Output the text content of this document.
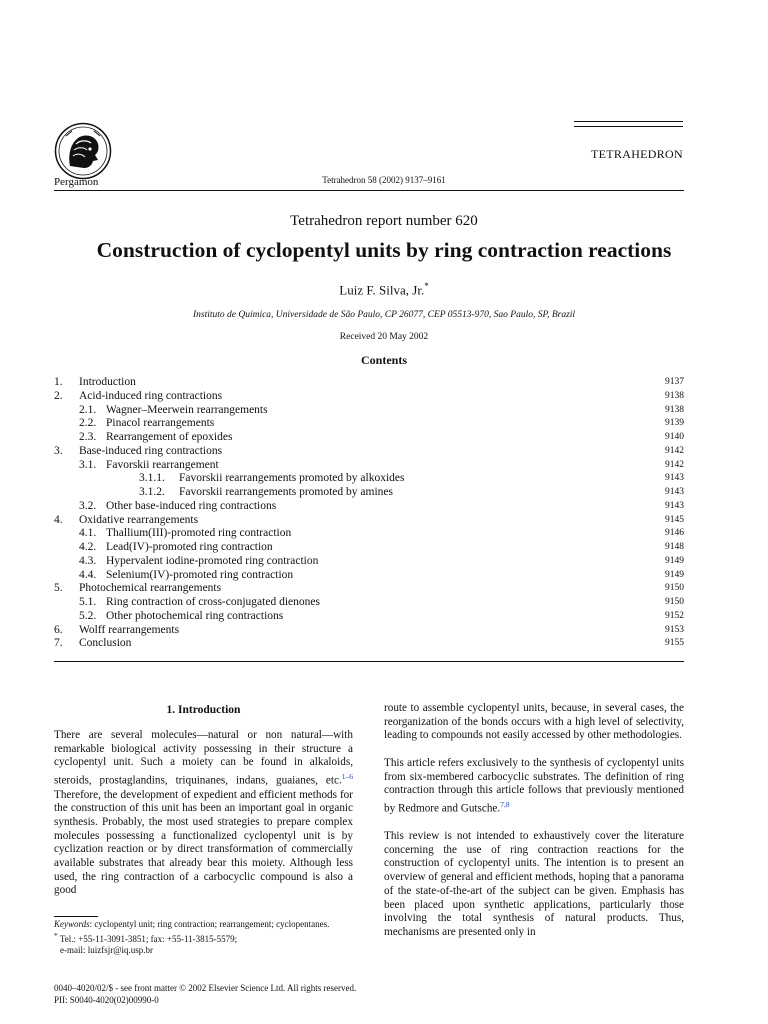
Pergamon
TETRAHEDRON
Tetrahedron 58 (2002) 9137–9161
Tetrahedron report number 620
Construction of cyclopentyl units by ring contraction reactions
Luiz F. Silva, Jr.*
Instituto de Química, Universidade de São Paulo, CP 26077, CEP 05513-970, Sao Paulo, SP, Brazil
Received 20 May 2002
Contents
1. Introduction	9137
2. Acid-induced ring contractions	9138
2.1. Wagner–Meerwein rearrangements	9138
2.2. Pinacol rearrangements	9139
2.3. Rearrangement of epoxides	9140
3. Base-induced ring contractions	9142
3.1. Favorskii rearrangement	9142
3.1.1. Favorskii rearrangements promoted by alkoxides	9143
3.1.2. Favorskii rearrangements promoted by amines	9143
3.2. Other base-induced ring contractions	9143
4. Oxidative rearrangements	9145
4.1. Thallium(III)-promoted ring contraction	9146
4.2. Lead(IV)-promoted ring contraction	9148
4.3. Hypervalent iodine-promoted ring contraction	9149
4.4. Selenium(IV)-promoted ring contraction	9149
5. Photochemical rearrangements	9150
5.1. Ring contraction of cross-conjugated dienones	9150
5.2. Other photochemical ring contractions	9152
6. Wolff rearrangements	9153
7. Conclusion	9155
1. Introduction

There are several molecules—natural or non natural—with remarkable biological activity possessing in their structure a cyclopentyl unit. Such a moiety can be found in alkaloids, steroids, prostaglandins, triquinanes, indans, guaianes, etc.$^{1-6}$ Therefore, the development of expedient and efficient methods for the construction of this unit has been an important goal in organic synthesis. Probably, the most used strategies to prepare complex molecules possessing a functionalized cyclopentyl unit is by cyclization reaction or by direct transformation of commercially available substrates that already bear this moiety. Although less used, the ring contraction of a carbocyclic compound is also a good

route to assemble cyclopentyl units, because, in several cases, the reorganization of the bonds occurs with a high level of selectivity, leading to compounds not easily accessed by other methodologies.

This article refers exclusively to the synthesis of cyclopentyl units from six-membered carbocyclic substrates. The definition of ring contraction through this article follows that previously mentioned by Redmore and Gutsche.$^{7,8}$

This review is not intended to exhaustively cover the literature concerning the use of ring contraction reactions for the construction of cyclopentyl units. The intention is to present an overview of general and efficient methods, hoping that a panorama of the state-of-the-art of the subject can be given. Emphasis has been placed upon synthetic applications, particularly those involving the total synthesis of natural products. Thus, mechanisms are presented only in

Keywords: cyclopentyl unit; ring contraction; rearrangement; cyclopentanes.
* Tel.: +55-11-3091-3851; fax: +55-11-3815-5579;
e-mail: luizfsjr@iq.usp.br
0040–4020/02/$ - see front matter © 2002 Elsevier Science Ltd. All rights reserved.
PII: S0040-4020(02)00990-0
